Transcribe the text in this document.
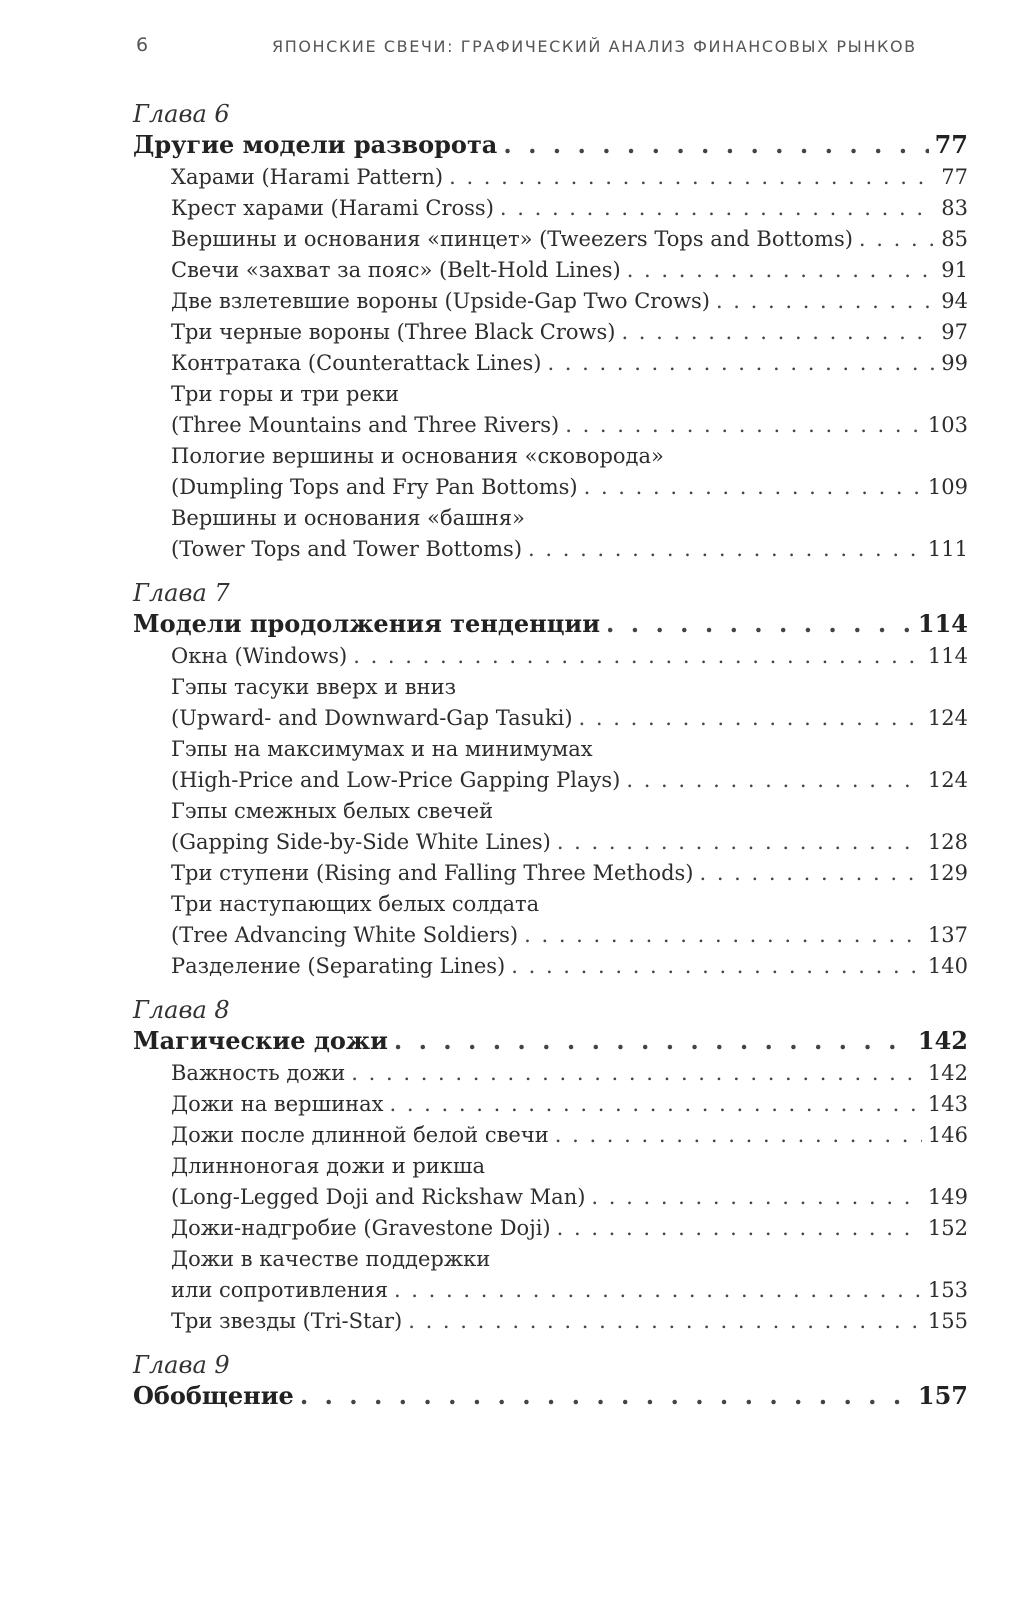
6	ЯПОНСКИЕ СВЕЧИ: ГРАФИЧЕСКИЙ АНАЛИЗ ФИНАНСОВЫХ РЫНКОВ
Глава 6
Другие модели разворота . . .	77
Харами (Harami Pattern) . . .	77
Крест харами (Harami Cross) . . .	83
Вершины и основания «пинцет» (Tweezers Tops and Bottoms) . . .	85
Свечи «захват за пояс» (Belt-Hold Lines) . . .	91
Две взлетевшие вороны (Upside-Gap Two Crows) . . .	94
Три черные вороны (Three Black Crows) . . .	97
Контратака (Counterattack Lines) . . .	99
Три горы и три реки
(Three Mountains and Three Rivers) . . .	103
Пологие вершины и основания «сковорода»
(Dumpling Tops and Fry Pan Bottoms) . . .	109
Вершины и основания «башня»
(Tower Tops and Tower Bottoms) . . .	111
Глава 7
Модели продолжения тенденции . . .	114
Окна (Windows) . . .	114
Гэпы тасуки вверх и вниз
(Upward- and Downward-Gap Tasuki) . . .	124
Гэпы на максимумах и на минимумах
(High-Price and Low-Price Gapping Plays) . . .	124
Гэпы смежных белых свечей
(Gapping Side-by-Side White Lines) . . .	128
Три ступени (Rising and Falling Three Methods) . . .	129
Три наступающих белых солдата
(Tree Advancing White Soldiers) . . .	137
Разделение (Separating Lines) . . .	140
Глава 8
Магические дожи . . .	142
Важность дожи . . .	142
Дожи на вершинах . . .	143
Дожи после длинной белой свечи . . .	146
Длинноногая дожи и рикша
(Long-Legged Doji and Rickshaw Man) . . .	149
Дожи-надгробие (Gravestone Doji) . . .	152
Дожи в качестве поддержки
или сопротивления . . .	153
Три звезды (Tri-Star) . . .	155
Глава 9
Обобщение . . .	157
